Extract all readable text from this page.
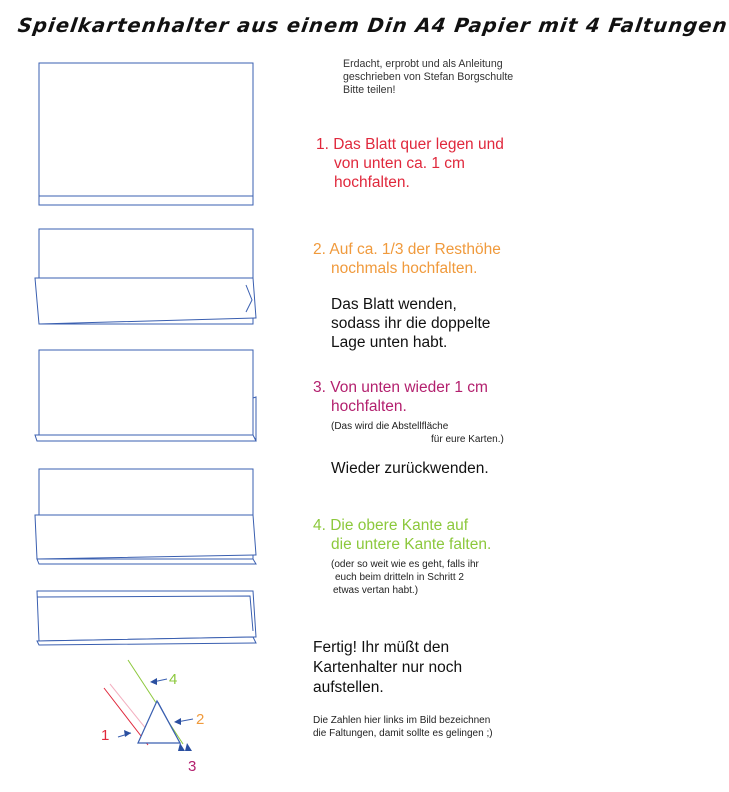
Spielkartenhalter aus einem Din A4 Papier mit 4 Faltungen
Erdacht, erprobt und als Anleitung
geschrieben von Stefan Borgschulte
Bitte teilen!
1
4
2
3
1. Das Blatt quer legen und
von unten ca. 1 cm
hochfalten.
2. Auf ca. 1/3 der Resthöhe
nochmals hochfalten.
Das Blatt wenden,
sodass ihr die doppelte
Lage unten habt.
3. Von unten wieder 1 cm
hochfalten.
(Das wird die Abstellfläche
für eure Karten.)
Wieder zurückwenden.
4. Die obere Kante auf
die untere Kante falten.
(oder so weit wie es geht, falls ihr
euch beim dritteln in Schritt 2
etwas vertan habt.)
Fertig! Ihr müßt den
Kartenhalter nur noch
aufstellen.
Die Zahlen hier links im Bild bezeichnen
die Faltungen, damit sollte es gelingen ;)
